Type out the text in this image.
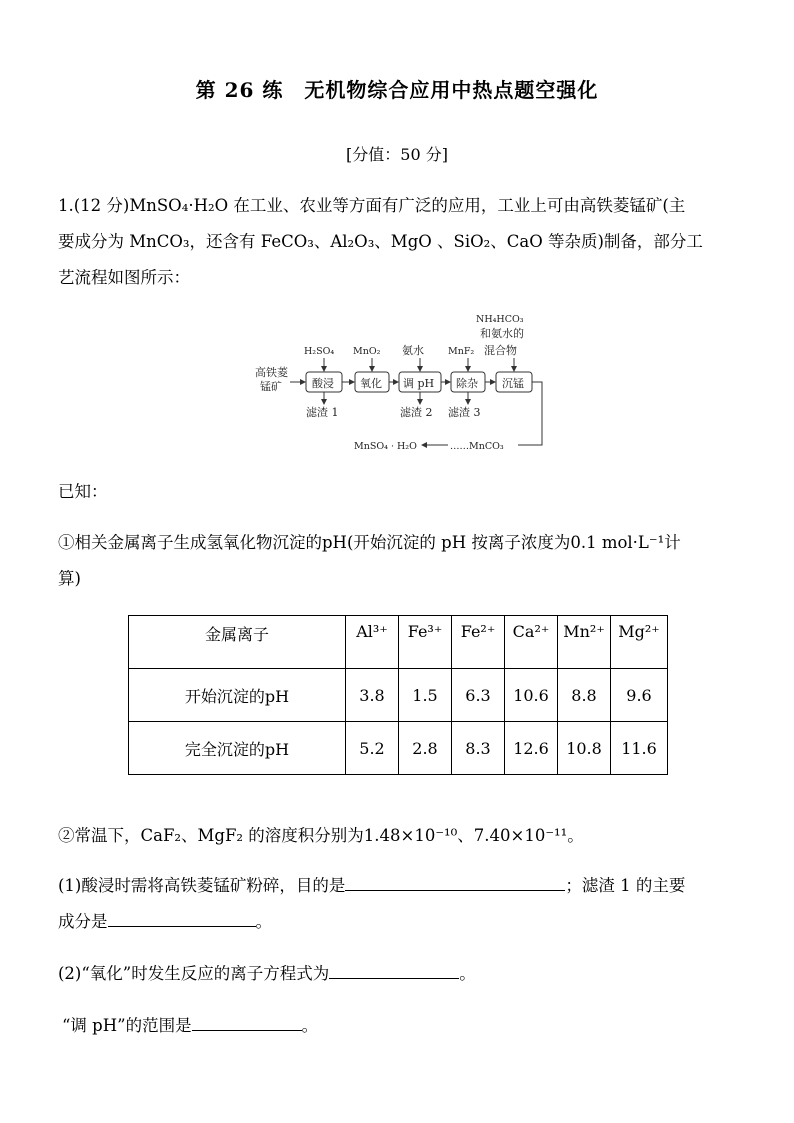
第 26 练　无机物综合应用中热点题空强化
[分值：50 分]
1.(12 分)MnSO₄·H₂O 在工业、农业等方面有广泛的应用，工业上可由高铁菱锰矿(主
要成分为 MnCO₃，还含有 FeCO₃、Al₂O₃、MgO 、SiO₂、CaO 等杂质)制备，部分工
艺流程如图所示：
高铁菱
锰矿	酸浸 氧化 调 pH 除杂 沉锰
H₂SO₄ MnO₂ 氨水	MnF₂
NH₄HCO₃
和氨水的
混合物
滤渣 1	滤渣 2 滤渣 3
……MnCO₃
MnSO₄ · H₂O
已知：
①相关金属离子生成氢氧化物沉淀的pH(开始沉淀的 pH 按离子浓度为0.1 mol·L⁻¹计
算)
金属离子	Al³⁺	Fe³⁺	Fe²⁺	Ca²⁺	Mn²⁺	Mg²⁺
开始沉淀的pH	3.8	1.5	6.3	10.6	8.8	9.6
完全沉淀的pH	5.2	2.8	8.3	12.6	10.8	11.6
②常温下，CaF₂、MgF₂ 的溶度积分别为1.48×10⁻¹⁰、7.40×10⁻¹¹。
(1)酸浸时需将高铁菱锰矿粉碎，目的是	；滤渣 1 的主要
成分是	。
(2)“氧化”时发生反应的离子方程式为	。
“调 pH”的范围是	。
